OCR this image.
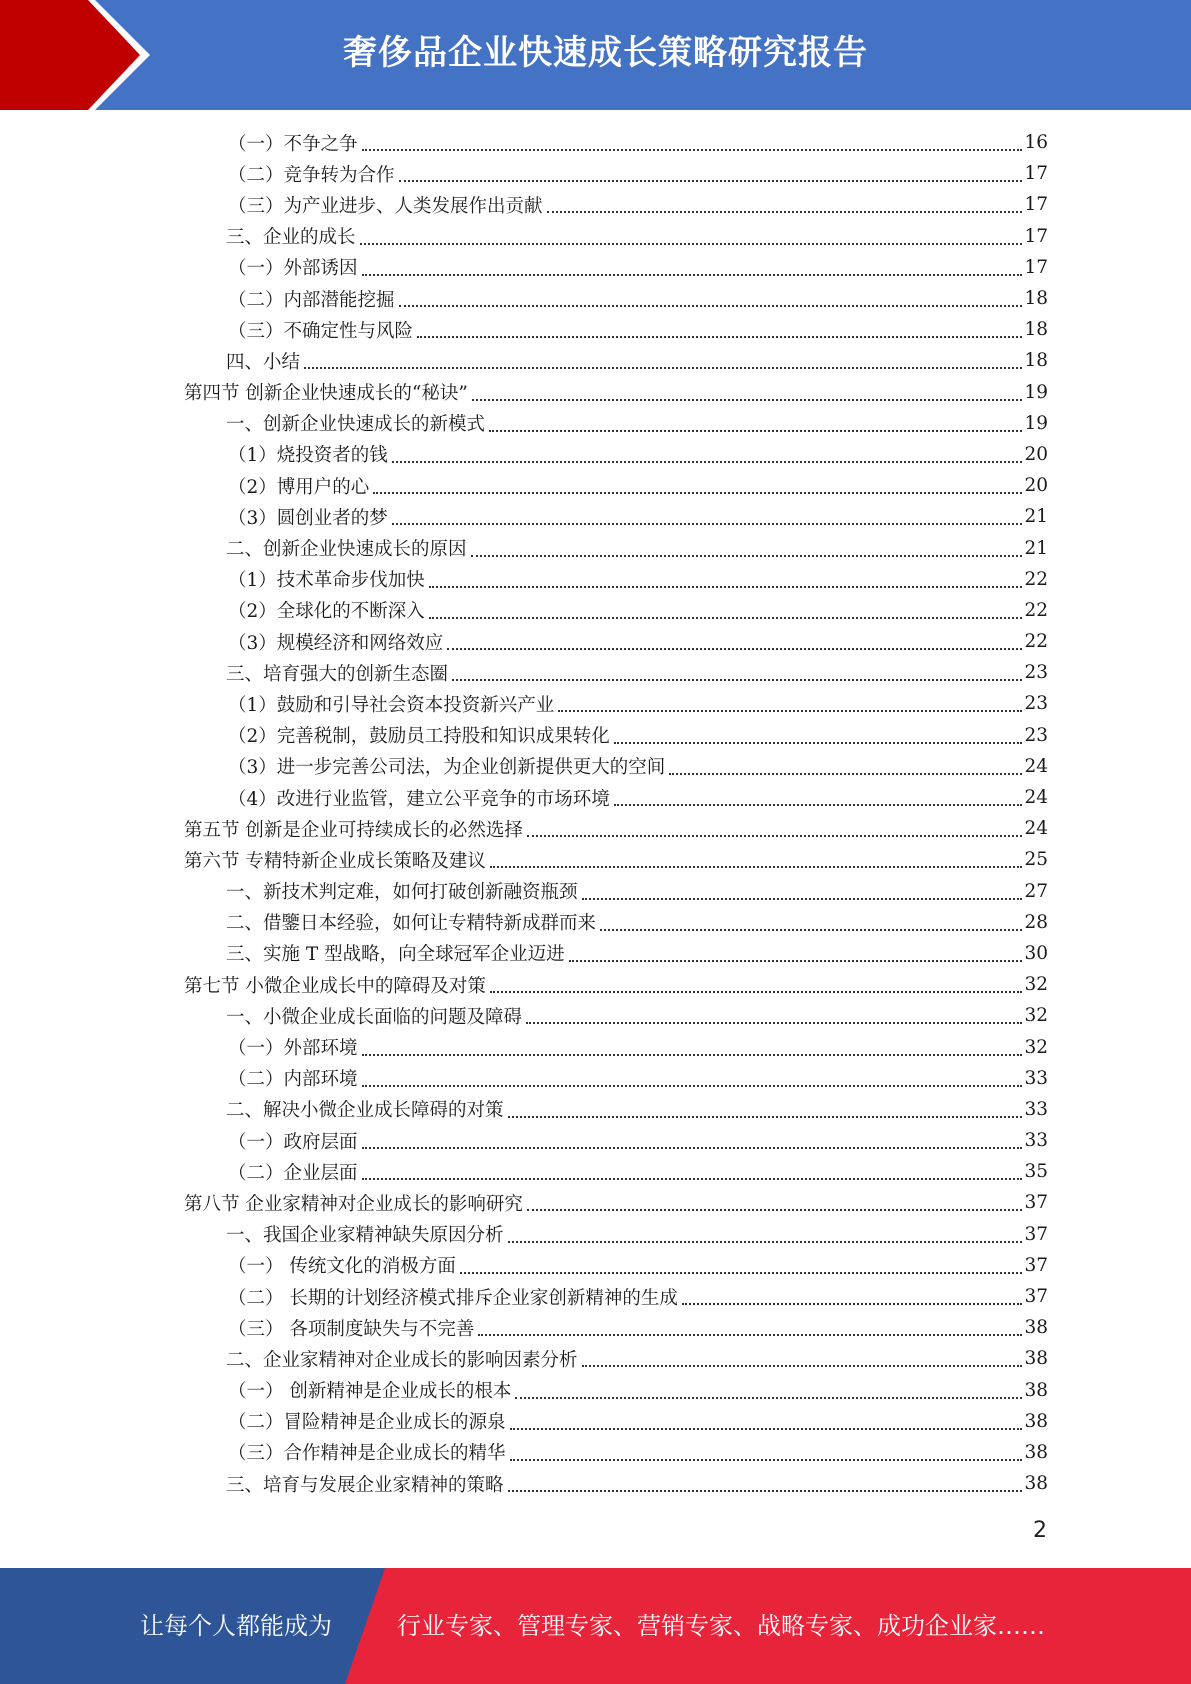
奢侈品企业快速成长策略研究报告
（一）不争之争	16
（二）竞争转为合作	17
（三）为产业进步、人类发展作出贡献	17
三、企业的成长	17
（一）外部诱因	17
（二）内部潜能挖掘	18
（三）不确定性与风险	18
四、小结	18
第四节 创新企业快速成长的“秘诀”	19
一、创新企业快速成长的新模式	19
（1）烧投资者的钱	20
（2）博用户的心	20
（3）圆创业者的梦	21
二、创新企业快速成长的原因	21
（1）技术革命步伐加快	22
（2）全球化的不断深入	22
（3）规模经济和网络效应	22
三、培育强大的创新生态圈	23
（1）鼓励和引导社会资本投资新兴产业	23
（2）完善税制，鼓励员工持股和知识成果转化	23
（3）进一步完善公司法，为企业创新提供更大的空间	24
（4）改进行业监管，建立公平竞争的市场环境	24
第五节 创新是企业可持续成长的必然选择	24
第六节 专精特新企业成长策略及建议	25
一、新技术判定难，如何打破创新融资瓶颈	27
二、借鑒日本经验，如何让专精特新成群而来	28
三、实施 T 型战略，向全球冠军企业迈进	30
第七节 小微企业成长中的障碍及对策	32
一、小微企业成长面临的问题及障碍	32
（一）外部环境	32
（二）内部环境	33
二、解决小微企业成长障碍的对策	33
（一）政府层面	33
（二）企业层面	35
第八节 企业家精神对企业成长的影响研究	37
一、我国企业家精神缺失原因分析	37
（一） 传统文化的消极方面	37
（二） 长期的计划经济模式排斥企业家创新精神的生成	37
（三） 各项制度缺失与不完善	38
二、企业家精神对企业成长的影响因素分析	38
（一） 创新精神是企业成长的根本	38
（二）冒险精神是企业成长的源泉	38
（三）合作精神是企业成长的精华	38
三、培育与发展企业家精神的策略	38
2
让每个人都能成为	行业专家、管理专家、营销专家、战略专家、成功企业家……
